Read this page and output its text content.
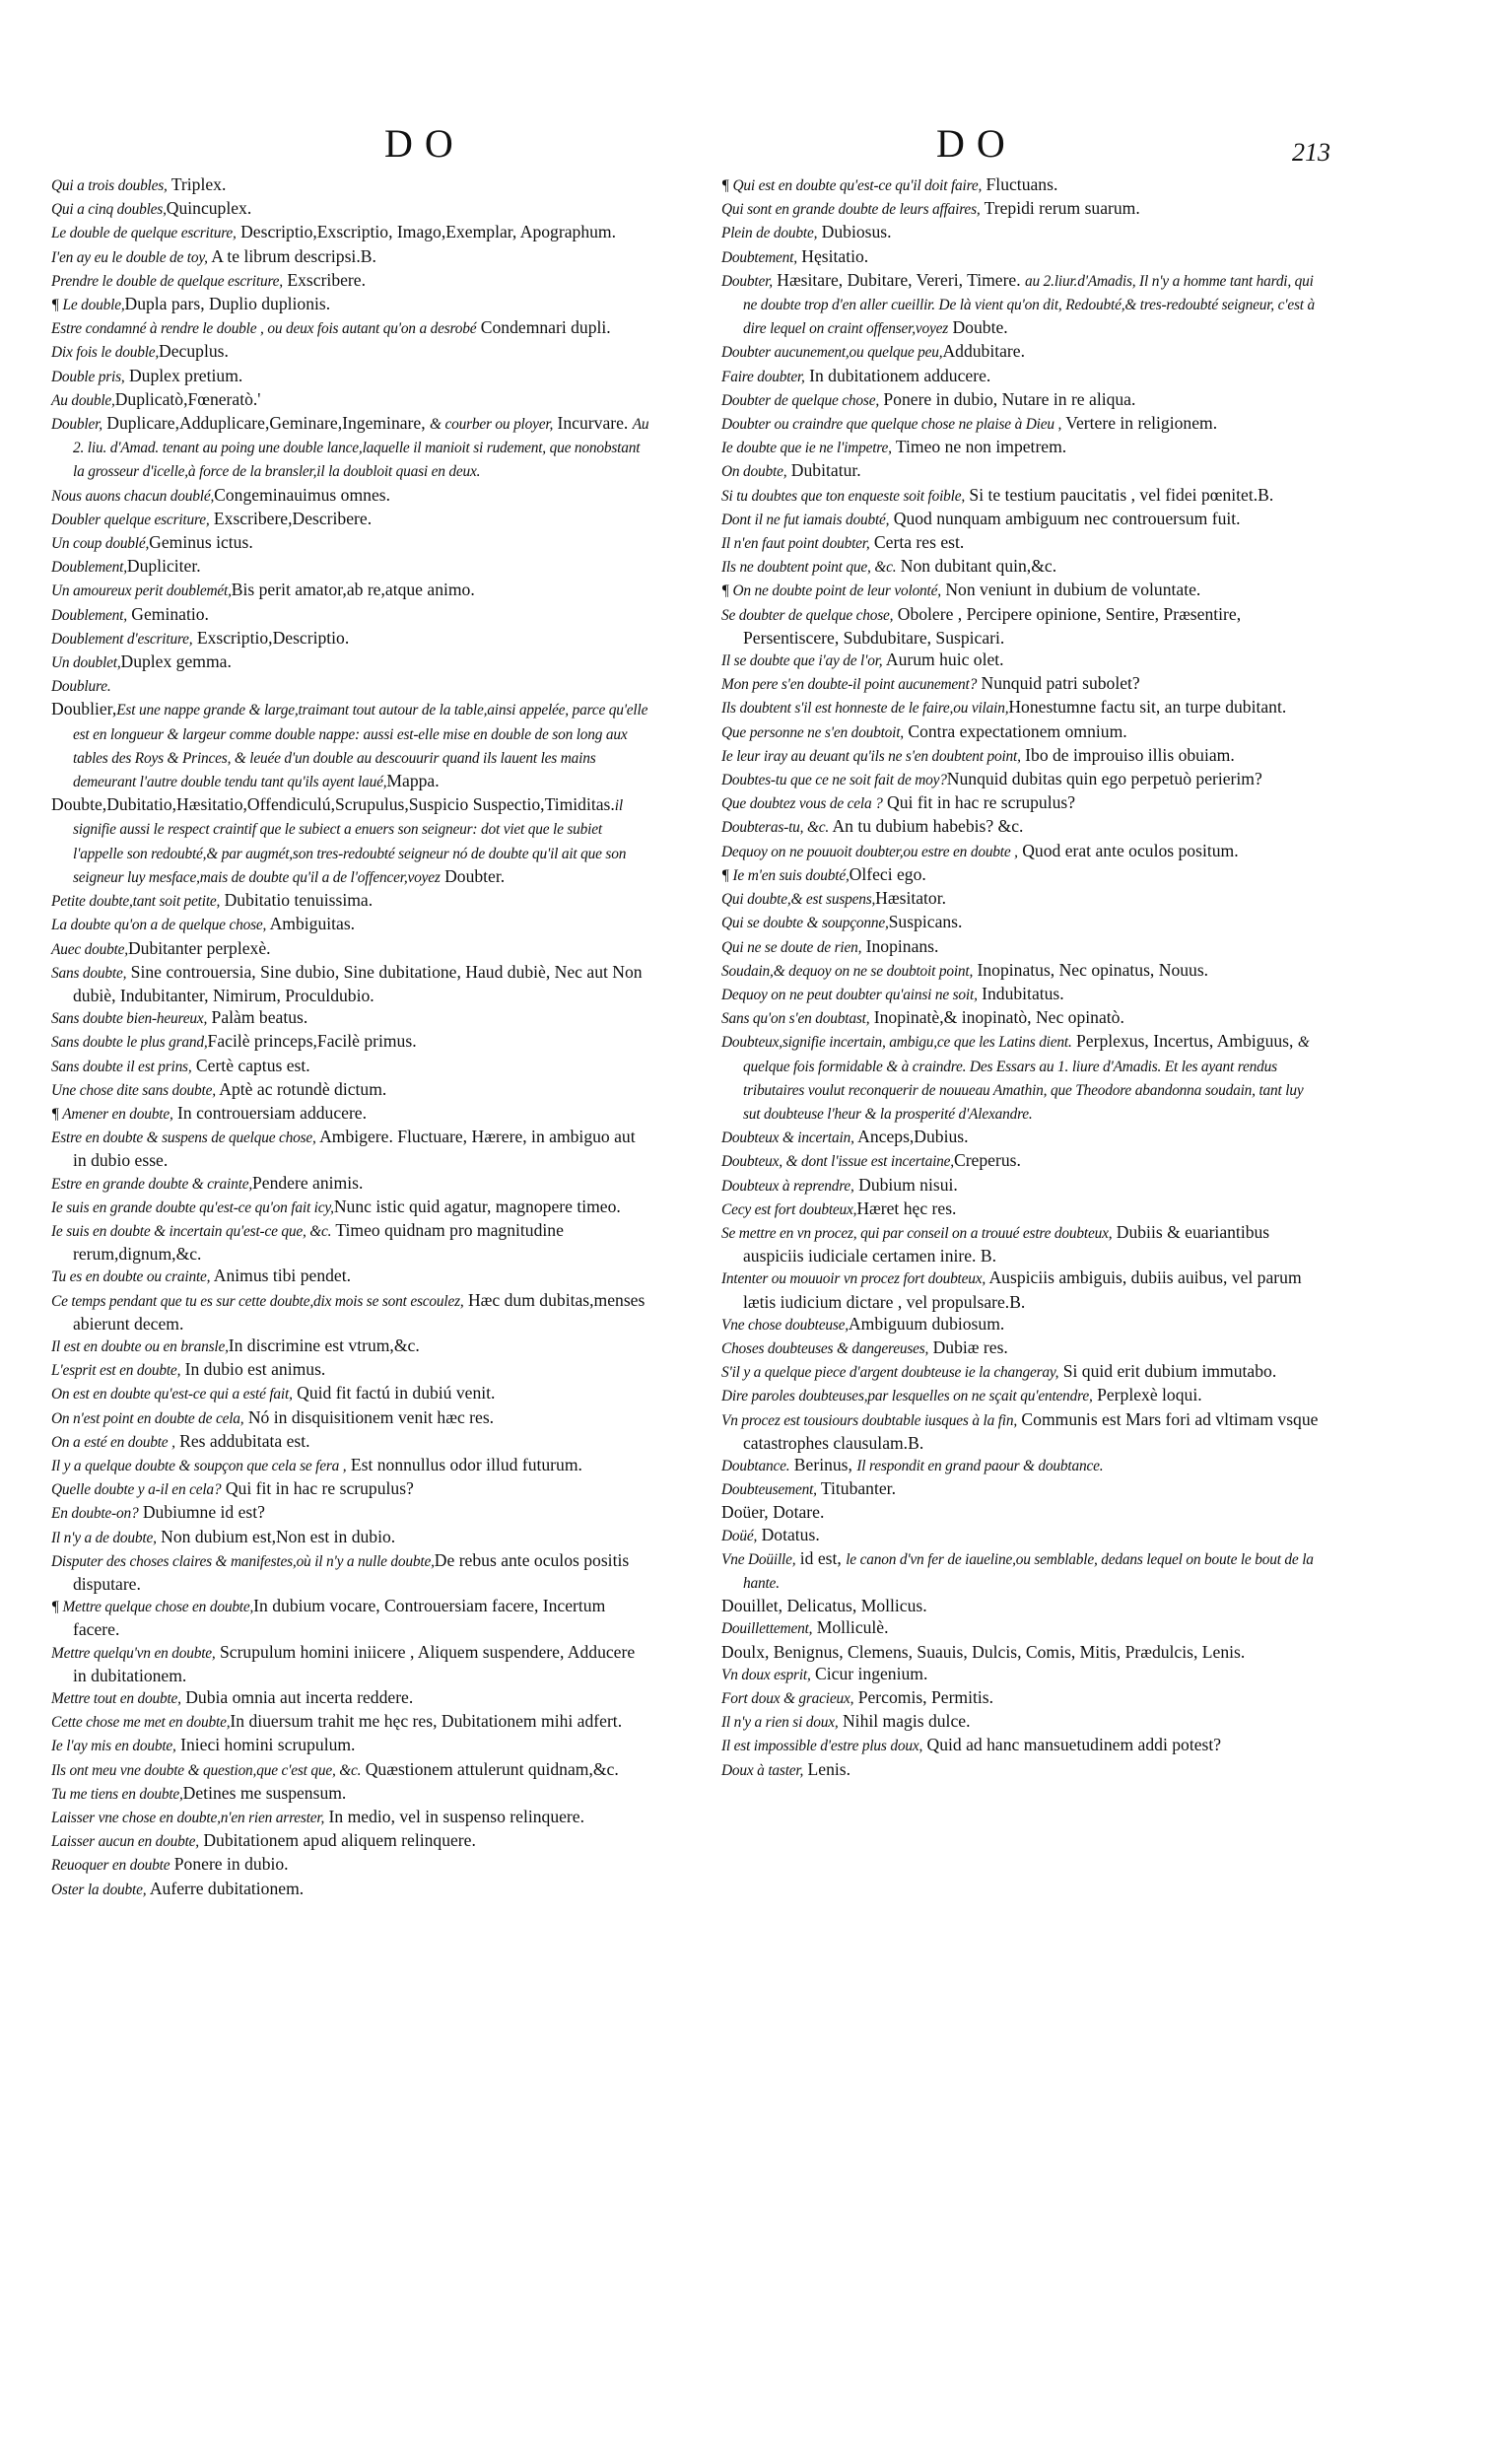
DO	DO	213

Qui a trois doubles, Triplex.

Qui a cinq doubles,Quincuplex.

Le double de quelque escriture, Descriptio,Exscriptio, Imago,Exemplar, Apographum.

I'en ay eu le double de toy, A te librum descripsi.B.

Prendre le double de quelque escriture, Exscribere.

¶ Le double,Dupla pars, Duplio duplionis.

Estre condamné à rendre le double , ou deux fois autant qu'on a desrobé Condemnari dupli.

Dix fois le double,Decuplus.

Double pris, Duplex pretium.

Au double,Duplicatò,Fœneratò.'

Doubler, Duplicare,Adduplicare,Geminare,Ingeminare, & courber ou ployer, Incurvare. Au 2. liu. d'Amad. tenant au poing une double lance,laquelle il manioit si rudement, que nonobstant la grosseur d'icelle,à force de la bransler,il la doubloit quasi en deux.

Nous auons chacun doublé,Congeminauimus omnes.

Doubler quelque escriture, Exscribere,Describere.

Un coup doublé,Geminus ictus.

Doublement,Dupliciter.

Un amoureux perit doublemét,Bis perit amator,ab re,atque animo.

Doublement, Geminatio.

Doublement d'escriture, Exscriptio,Descriptio.

Un doublet,Duplex gemma.

Doublure.

Doublier,Est une nappe grande & large,traimant tout autour de la table,ainsi appelée, parce qu'elle est en longueur & largeur comme double nappe: aussi est-elle mise en double de son long aux tables des Roys & Princes, & leuée d'un double au descouurir quand ils lauent les mains demeurant l'autre double tendu tant qu'ils ayent laué,Mappa.

Doubte,Dubitatio,Hæsitatio,Offendiculú,Scrupulus,Suspicio Suspectio,Timiditas.il signifie aussi le respect craintif que le subiect a enuers son seigneur: dot viet que le subiet l'appelle son redoubté,& par augmét,son tres-redoubté seigneur nó de doubte qu'il ait que son seigneur luy mesface,mais de doubte qu'il a de l'offencer,voyez Doubter.

Petite doubte,tant soit petite, Dubitatio tenuissima.

La doubte qu'on a de quelque chose, Ambiguitas.

Auec doubte,Dubitanter perplexè.

Sans doubte, Sine controuersia, Sine dubio, Sine dubitatione, Haud dubiè, Nec aut Non dubiè, Indubitanter, Nimirum, Proculdubio.

Sans doubte bien-heureux, Palàm beatus.

Sans doubte le plus grand,Facilè princeps,Facilè primus.

Sans doubte il est prins, Certè captus est.

Une chose dite sans doubte, Aptè ac rotundè dictum.

¶ Amener en doubte, In controuersiam adducere.

Estre en doubte & suspens de quelque chose, Ambigere. Fluctuare, Hærere, in ambiguo aut in dubio esse.

Estre en grande doubte & crainte,Pendere animis.

Ie suis en grande doubte qu'est-ce qu'on fait icy,Nunc istic quid agatur, magnopere timeo.

Ie suis en doubte & incertain qu'est-ce que, &c. Timeo quidnam pro magnitudine rerum,dignum,&c.

Tu es en doubte ou crainte, Animus tibi pendet.

Ce temps pendant que tu es sur cette doubte,dix mois se sont escoulez, Hæc dum dubitas,menses abierunt decem.

Il est en doubte ou en bransle,In discrimine est vtrum,&c.

L'esprit est en doubte, In dubio est animus.

On est en doubte qu'est-ce qui a esté fait, Quid fit factú in dubiú venit.

On n'est point en doubte de cela, Nó in disquisitionem venit hæc res.

On a esté en doubte , Res addubitata est.

Il y a quelque doubte & soupçon que cela se fera , Est nonnullus odor illud futurum.

Quelle doubte y a-il en cela? Qui fit in hac re scrupulus?

En doubte-on? Dubiumne id est?

Il n'y a de doubte, Non dubium est,Non est in dubio.

Disputer des choses claires & manifestes,où il n'y a nulle doubte,De rebus ante oculos positis disputare.

¶ Mettre quelque chose en doubte,In dubium vocare, Controuersiam facere, Incertum facere.

Mettre quelqu'vn en doubte, Scrupulum homini iniicere , Aliquem suspendere, Adducere in dubitationem.

Mettre tout en doubte, Dubia omnia aut incerta reddere.

Cette chose me met en doubte,In diuersum trahit me hęc res, Dubitationem mihi adfert.

Ie l'ay mis en doubte, Inieci homini scrupulum.

Ils ont meu vne doubte & question,que c'est que, &c. Quæstionem attulerunt quidnam,&c.

Tu me tiens en doubte,Detines me suspensum.

Laisser vne chose en doubte,n'en rien arrester, In medio, vel in suspenso relinquere.

Laisser aucun en doubte, Dubitationem apud aliquem relinquere.

Reuoquer en doubte Ponere in dubio.

Oster la doubte, Auferre dubitationem.

¶ Qui est en doubte qu'est-ce qu'il doit faire, Fluctuans.

Qui sont en grande doubte de leurs affaires, Trepidi rerum suarum.

Plein de doubte, Dubiosus.

Doubtement, Hęsitatio.

Doubter, Hæsitare, Dubitare, Vereri, Timere. au 2.liur.d'Amadis, Il n'y a homme tant hardi, qui ne doubte trop d'en aller cueillir. De là vient qu'on dit, Redoubté,& tres-redoubté seigneur, c'est à dire lequel on craint offenser,voyez Doubte.

Doubter aucunement,ou quelque peu,Addubitare.

Faire doubter, In dubitationem adducere.

Doubter de quelque chose, Ponere in dubio, Nutare in re aliqua.

Doubter ou craindre que quelque chose ne plaise à Dieu , Vertere in religionem.

Ie doubte que ie ne l'impetre, Timeo ne non impetrem.

On doubte, Dubitatur.

Si tu doubtes que ton enqueste soit foible, Si te testium paucitatis , vel fidei pœnitet.B.

Dont il ne fut iamais doubté, Quod nunquam ambiguum nec controuersum fuit.

Il n'en faut point doubter, Certa res est.

Ils ne doubtent point que, &c. Non dubitant quin,&c.

¶ On ne doubte point de leur volonté, Non veniunt in dubium de voluntate.

Se doubter de quelque chose, Obolere , Percipere opinione, Sentire, Præsentire, Persentiscere, Subdubitare, Suspicari.

Il se doubte que i'ay de l'or, Aurum huic olet.

Mon pere s'en doubte-il point aucunement? Nunquid patri subolet?

Ils doubtent s'il est honneste de le faire,ou vilain,Honestumne factu sit, an turpe dubitant.

Que personne ne s'en doubtoit, Contra expectationem omnium.

Ie leur iray au deuant qu'ils ne s'en doubtent point, Ibo de improuiso illis obuiam.

Doubtes-tu que ce ne soit fait de moy?Nunquid dubitas quin ego perpetuò perierim?

Que doubtez vous de cela ? Qui fit in hac re scrupulus?

Doubteras-tu, &c. An tu dubium habebis? &c.

Dequoy on ne pouuoit doubter,ou estre en doubte , Quod erat ante oculos positum.

¶ Ie m'en suis doubté,Olfeci ego.

Qui doubte,& est suspens,Hæsitator.

Qui se doubte & soupçonne,Suspicans.

Qui ne se doute de rien, Inopinans.

Soudain,& dequoy on ne se doubtoit point, Inopinatus, Nec opinatus, Nouus.

Dequoy on ne peut doubter qu'ainsi ne soit, Indubitatus.

Sans qu'on s'en doubtast, Inopinatè,& inopinatò, Nec opinatò.

Doubteux,signifie incertain, ambigu,ce que les Latins dient. Perplexus, Incertus, Ambiguus, & quelque fois formidable & à craindre. Des Essars au 1. liure d'Amadis. Et les ayant rendus tributaires voulut reconquerir de nouueau Amathin, que Theodore abandonna soudain, tant luy sut doubteuse l'heur & la prosperité d'Alexandre.

Doubteux & incertain, Anceps,Dubius.

Doubteux, & dont l'issue est incertaine,Creperus.

Doubteux à reprendre, Dubium nisui.

Cecy est fort doubteux,Hæret hęc res.

Se mettre en vn procez, qui par conseil on a trouué estre doubteux, Dubiis & euariantibus auspiciis iudiciale certamen inire. B.

Intenter ou mouuoir vn procez fort doubteux, Auspiciis ambiguis, dubiis auibus, vel parum lætis iudicium dictare , vel propulsare.B.

Vne chose doubteuse,Ambiguum dubiosum.

Choses doubteuses & dangereuses, Dubiæ res.

S'il y a quelque piece d'argent doubteuse ie la changeray, Si quid erit dubium immutabo.

Dire paroles doubteuses,par lesquelles on ne sçait qu'entendre, Perplexè loqui.

Vn procez est tousiours doubtable iusques à la fin, Communis est Mars fori ad vltimam vsque catastrophes clausulam.B.

Doubtance. Berinus, Il respondit en grand paour & doubtance.

Doubteusement, Titubanter.

Doüer, Dotare.

Doüé, Dotatus.

Vne Doüille, id est, le canon d'vn fer de iaueline,ou semblable, dedans lequel on boute le bout de la hante.

Douillet, Delicatus, Mollicus.

Douillettement, Molliculè.

Doulx, Benignus, Clemens, Suauis, Dulcis, Comis, Mitis, Prædulcis, Lenis.

Vn doux esprit, Cicur ingenium.

Fort doux & gracieux, Percomis, Permitis.

Il n'y a rien si doux, Nihil magis dulce.

Il est impossible d'estre plus doux, Quid ad hanc mansuetudinem addi potest?

Doux à taster, Lenis.
